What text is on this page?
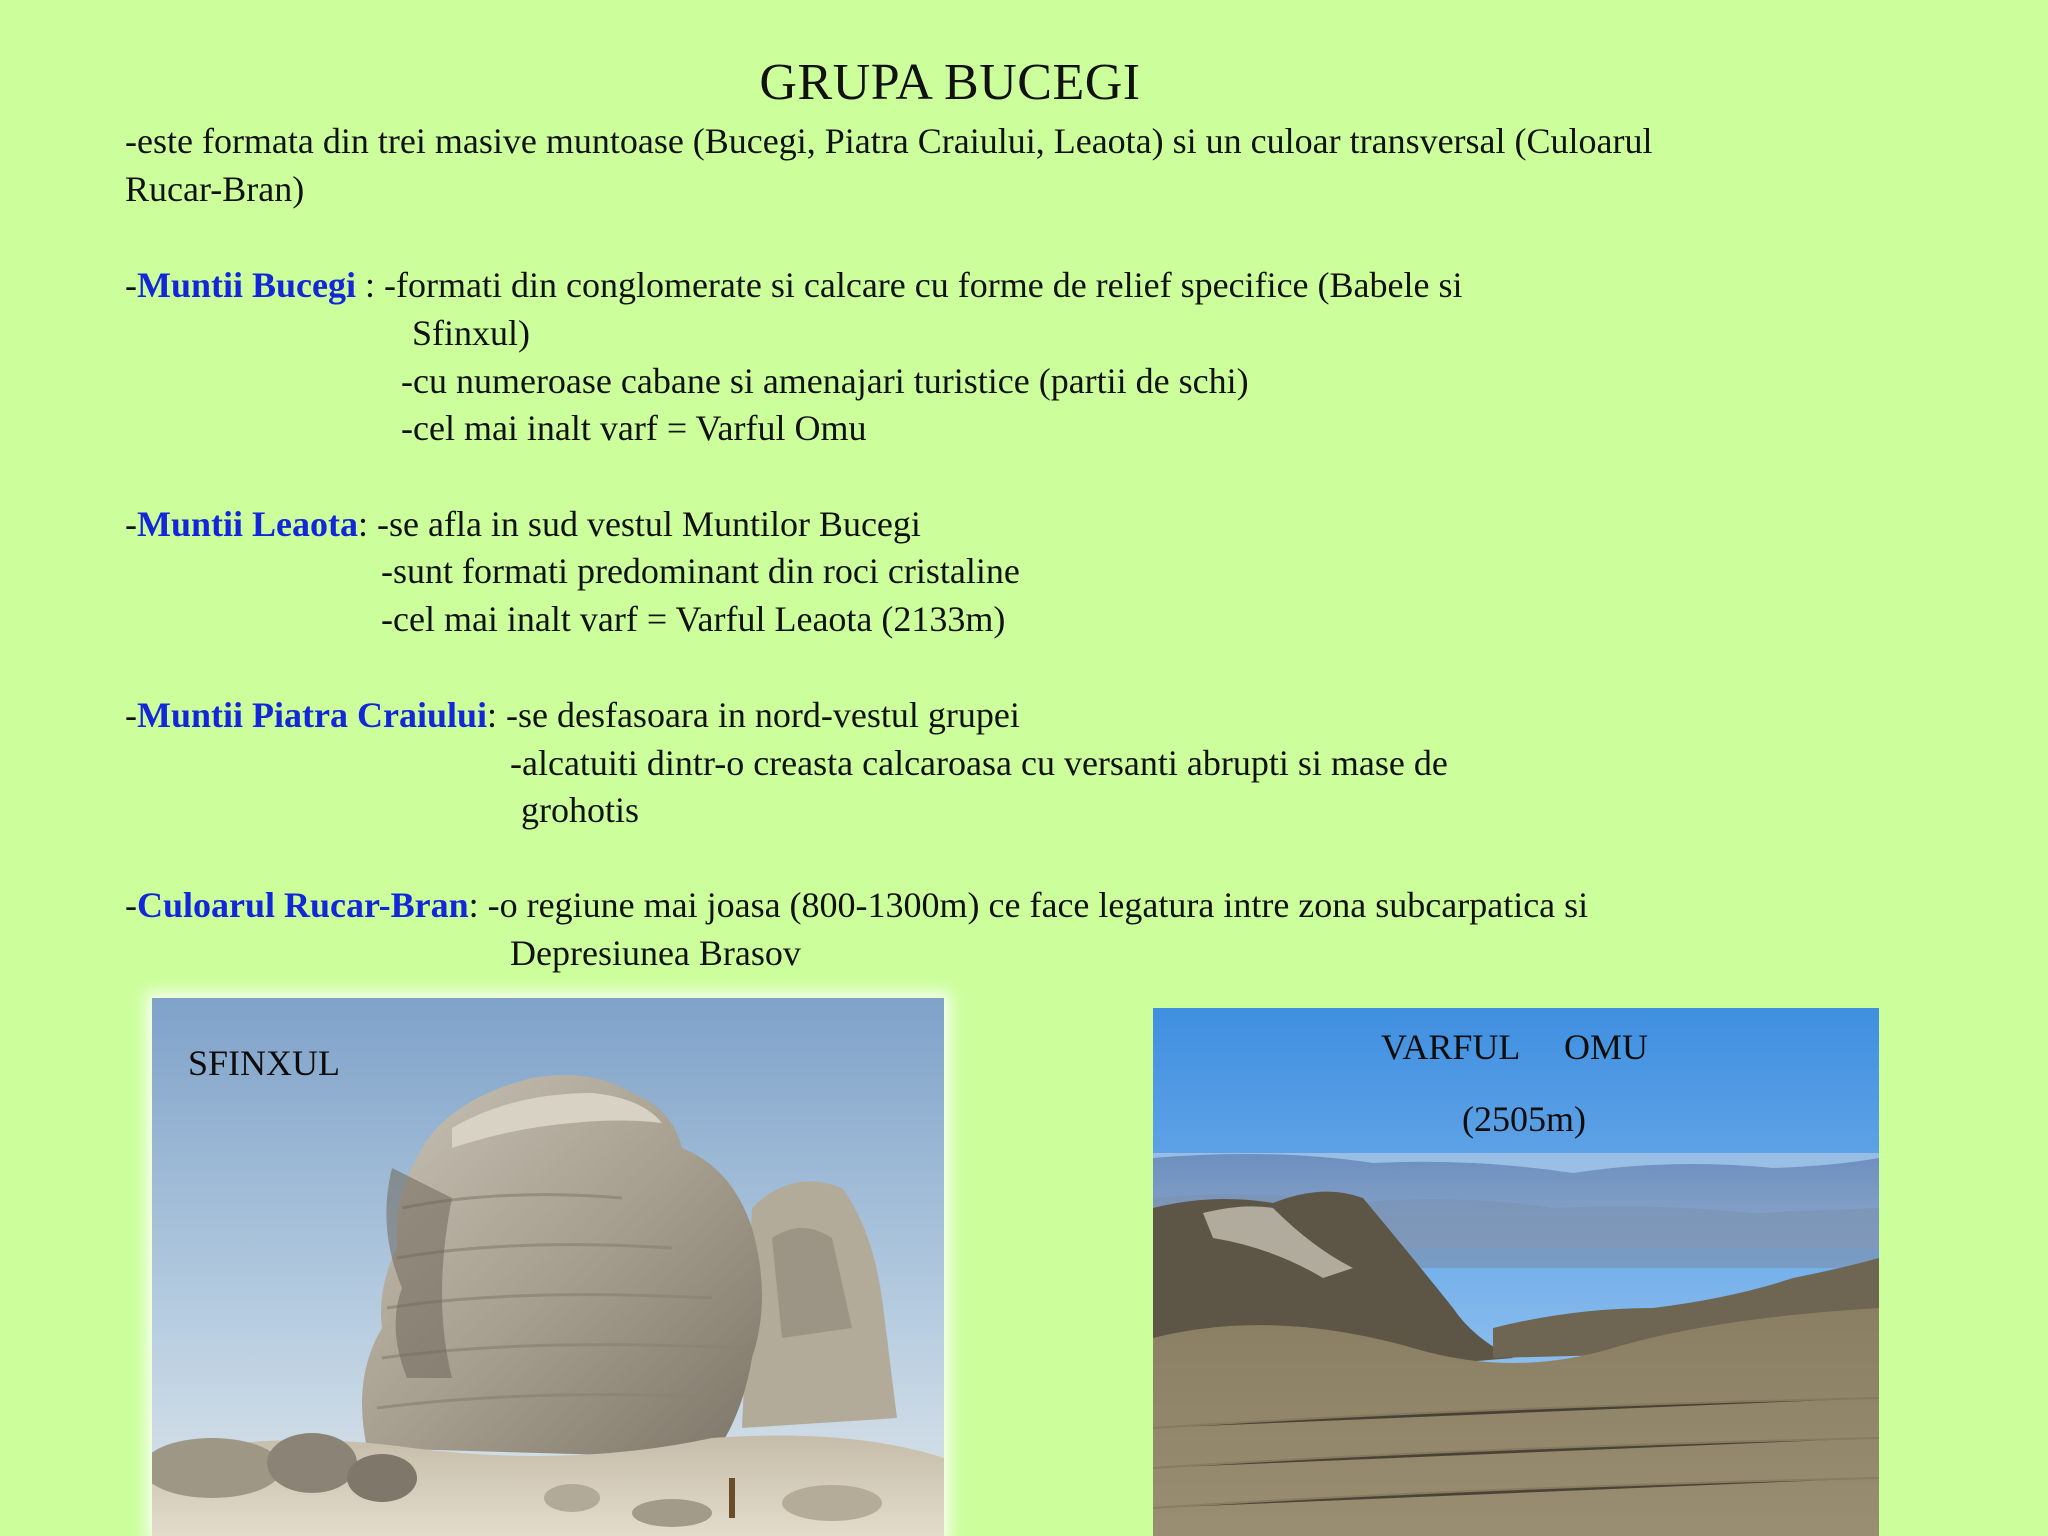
GRUPA BUCEGI
-este formata din trei masive muntoase (Bucegi, Piatra Craiului, Leaota) si un culoar transversal (Culoarul
Rucar-Bran)
-Muntii Bucegi : -formati din conglomerate si calcare cu forme de relief specifice (Babele si
Sfinxul)
-cu numeroase cabane si amenajari turistice (partii de schi)
-cel mai inalt varf = Varful Omu
-Muntii Leaota: -se afla in sud vestul Muntilor Bucegi
-sunt formati predominant din roci cristaline
-cel mai inalt varf = Varful Leaota (2133m)
-Muntii Piatra Craiului: -se desfasoara in nord-vestul grupei
-alcatuiti dintr-o creasta calcaroasa cu versanti abrupti si mase de
grohotis
-Culoarul Rucar-Bran: -o regiune mai joasa (800-1300m) ce face legatura intre zona subcarpatica si
Depresiunea Brasov
SFINXUL	VARFUL     OMU
(2505m)
